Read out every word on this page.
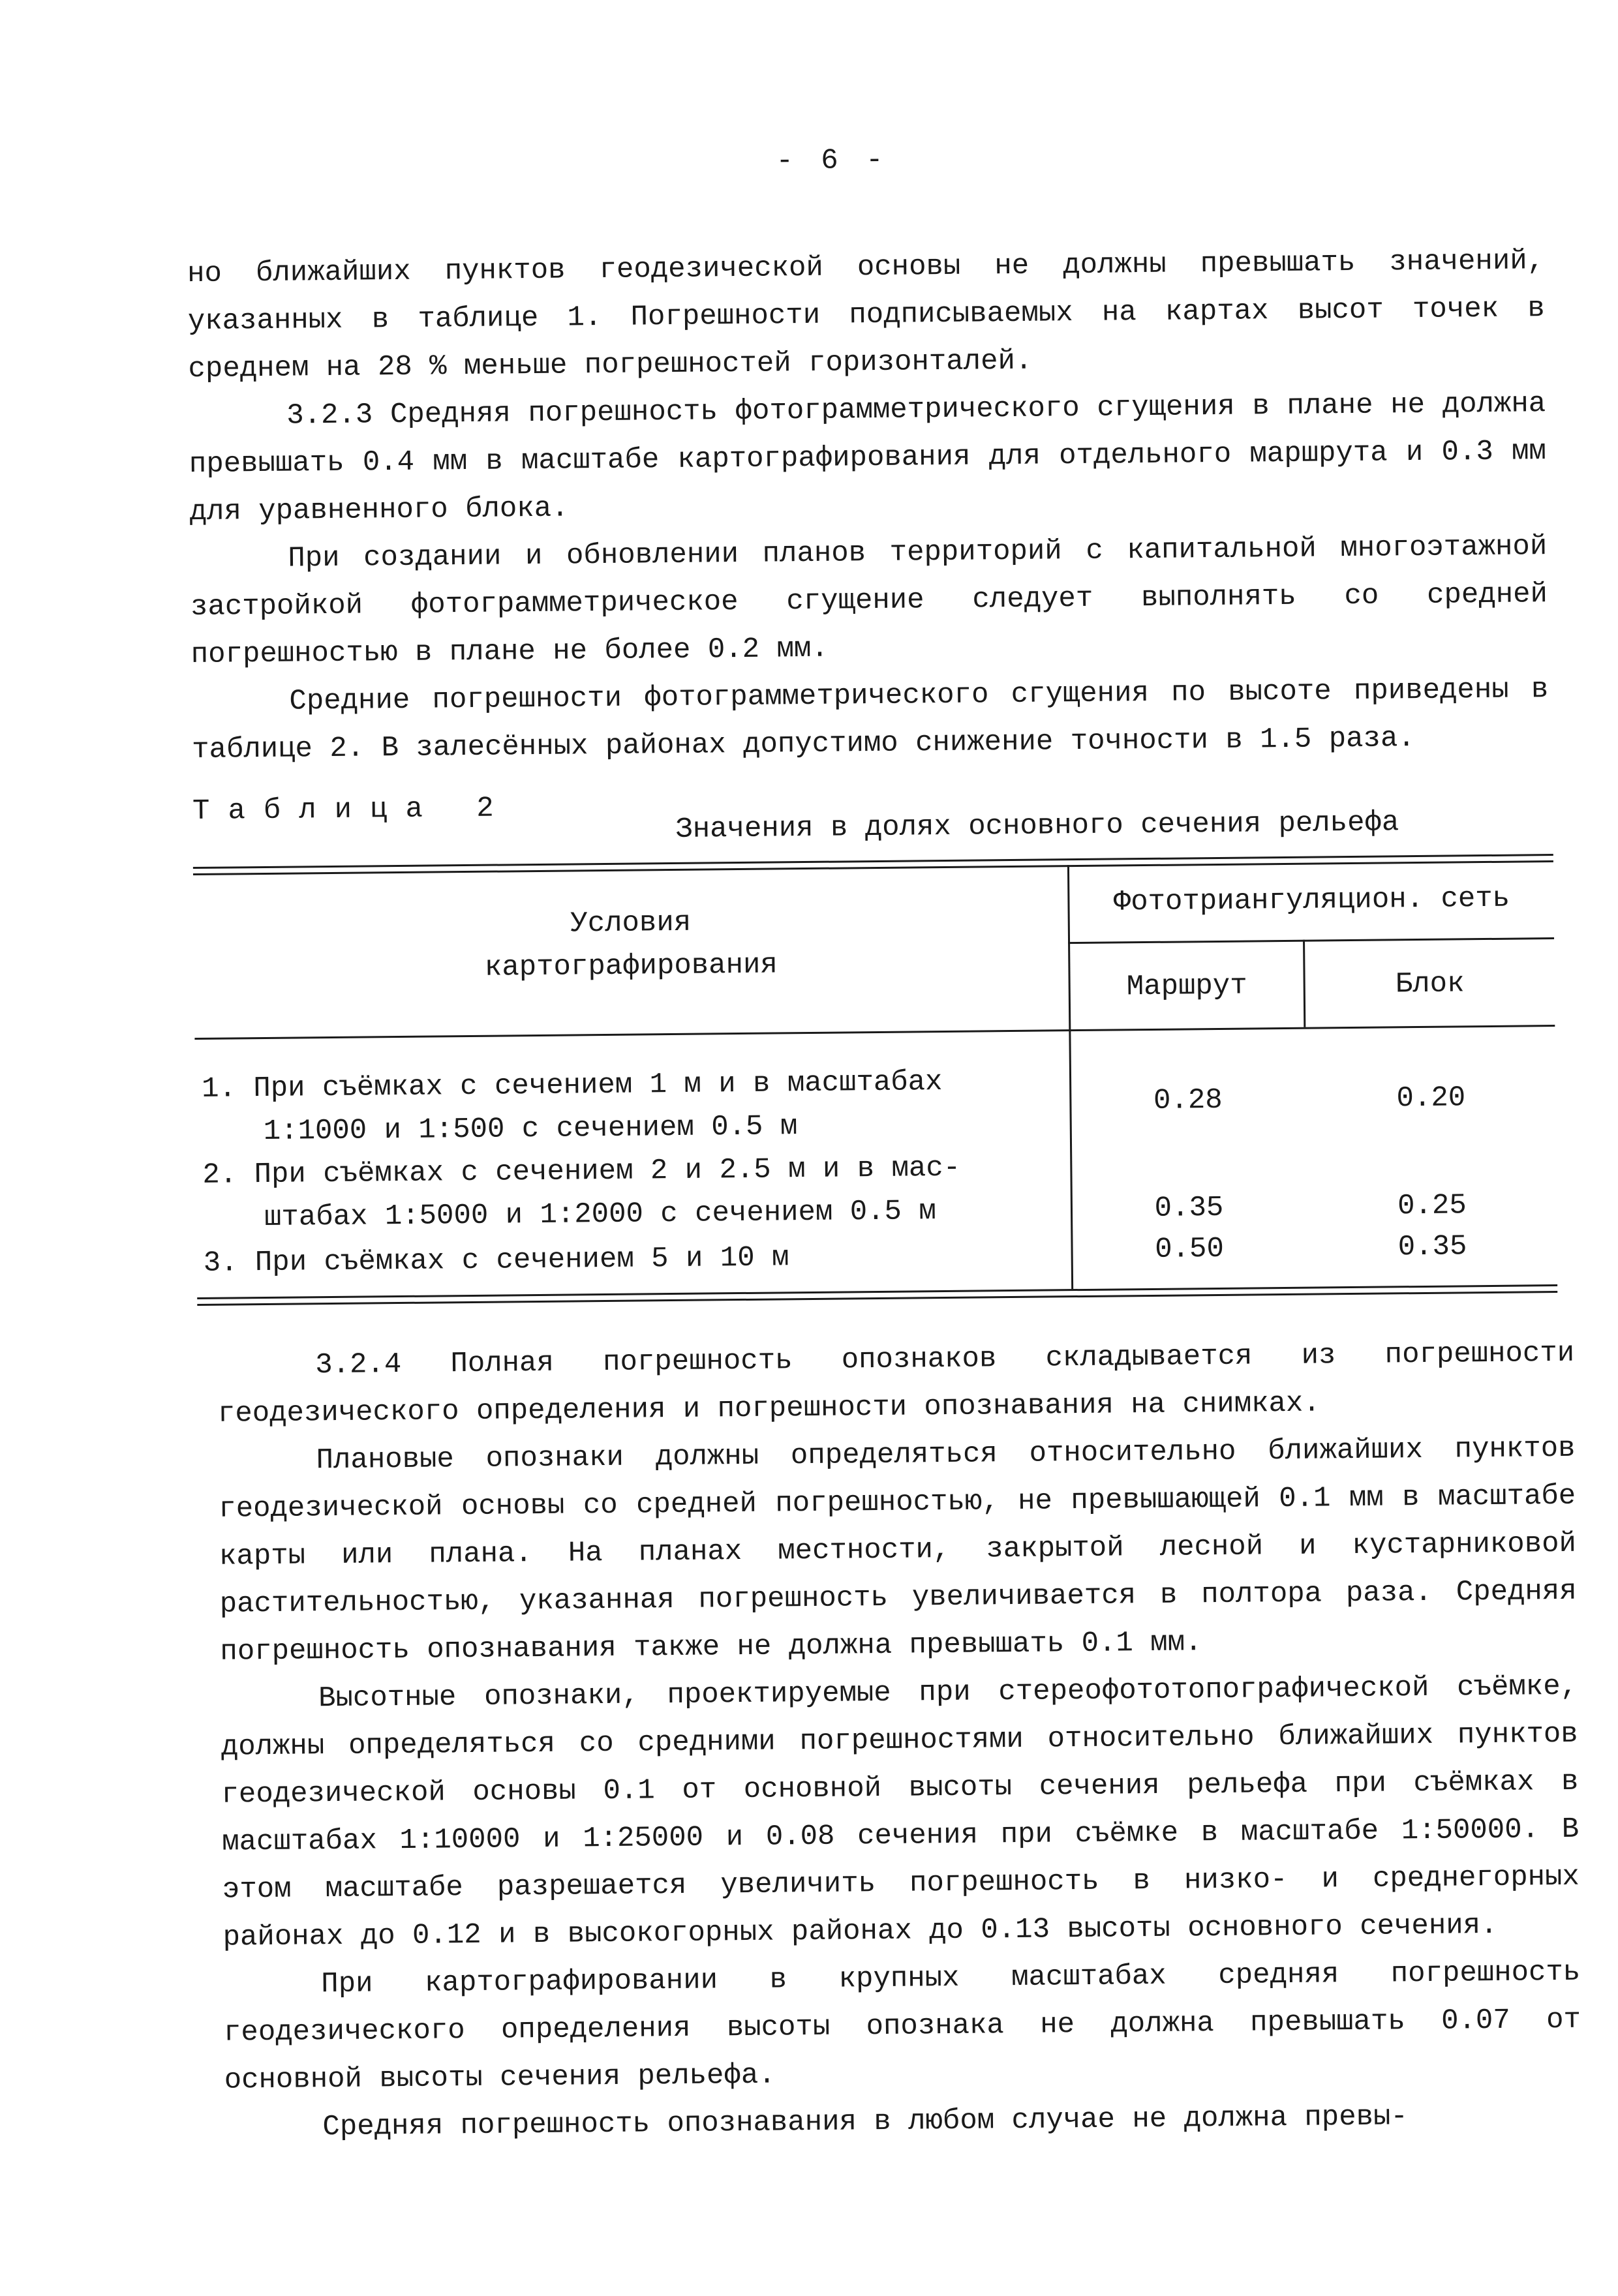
- 6 -

но ближайших пунктов геодезической основы не должны превышать значений, указанных в таблице 1. Погрешности подписываемых на картах высот точек в среднем на 28 % меньше погрешностей горизонталей.

3.2.3 Средняя погрешность фотограмметрического сгущения в плане не должна превышать 0.4 мм в масштабе картографирования для отдельного маршрута и 0.3 мм для уравненного блока.

При создании и обновлении планов территорий с капитальной многоэтажной застройкой фотограмметрическое сгущение следует выполнять со средней погрешностью в плане не более 0.2 мм.

Средние погрешности фотограмметрического сгущения по высоте приведены в таблице 2. В залесённых районах допустимо снижение точности в 1.5 раза.

Таблица 2	Значения в долях основного сечения рельефа
Условия
картографирования
Фототриангуляцион. сеть
Маршрут	Блок
1. При съёмках с сечением 1 м и в масштабах
1:1000 и 1:500 с сечением 0.5 м
0.28	0.20
2. При съёмках с сечением 2 и 2.5 м и в мас-
штабах 1:5000 и 1:2000 с сечением 0.5 м	0.35	0.25
3. При съёмках с сечением 5 и 10 м	0.50	0.35

3.2.4 Полная погрешность опознаков складывается из погрешности геодезического определения и погрешности опознавания на снимках.

Плановые опознаки должны определяться относительно ближайших пунктов геодезической основы со средней погрешностью, не превышающей 0.1 мм в масштабе карты или плана. На планах местности, закрытой лесной и кустарниковой растительностью, указанная погрешность увеличивается в полтора раза. Средняя погрешность опознавания также не должна превышать 0.1 мм.

Высотные опознаки, проектируемые при стереофототопографической съёмке, должны определяться со средними погрешностями относительно ближайших пунктов геодезической основы 0.1 от основной высоты сечения рельефа при съёмках в масштабах 1:10000 и 1:25000 и 0.08 сечения при съёмке в масштабе 1:50000. В этом масштабе разрешается увеличить погрешность в низко- и среднегорных районах до 0.12 и в высокогорных районах до 0.13 высоты основного сечения.

При картографировании в крупных масштабах средняя погрешность геодезического определения высоты опознака не должна превышать 0.07 от основной высоты сечения рельефа.

Средняя погрешность опознавания в любом случае не должна превы-
